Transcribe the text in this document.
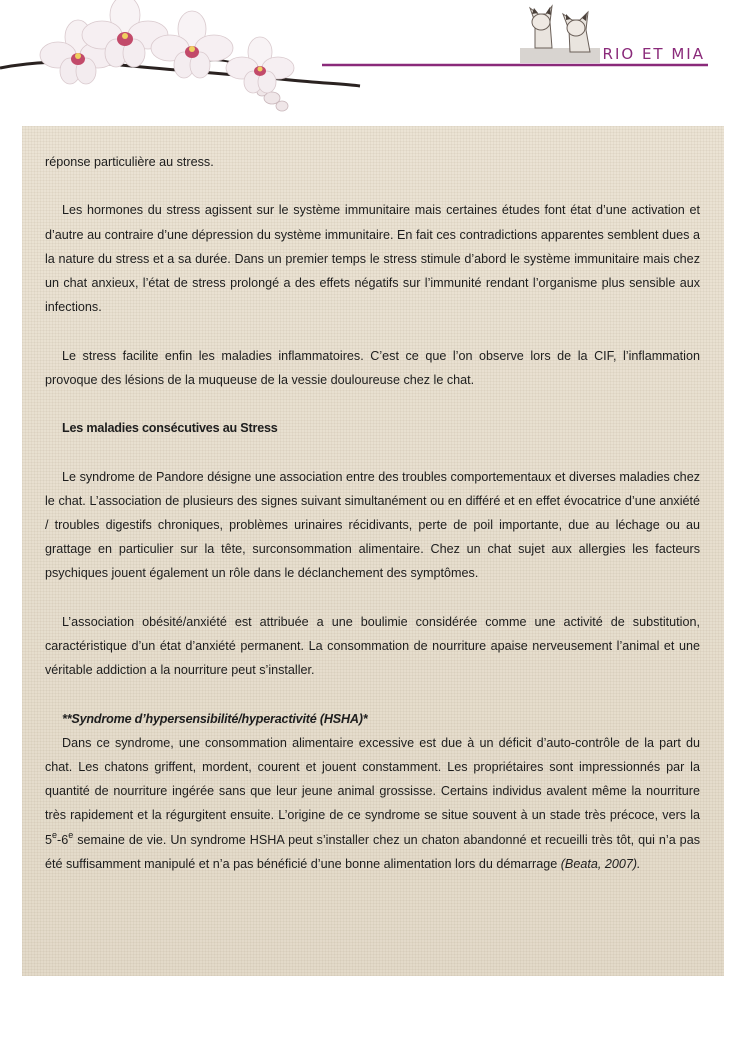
RIO ET MIA

réponse particulière au stress.

Les hormones du stress agissent sur le système immunitaire mais certaines études font état d’une activation et d’autre au contraire d’une dépression du système immunitaire. En fait ces contradictions apparentes semblent dues a la nature du stress et a sa durée. Dans un premier temps le stress stimule d’abord le système immunitaire mais chez un chat anxieux, l’état de stress prolongé a des effets négatifs sur l’immunité rendant l’organisme plus sensible aux infections.

Le stress facilite enfin les maladies inflammatoires. C’est ce que l’on observe lors de la CIF, l’inflammation provoque des lésions de la muqueuse de la vessie douloureuse chez le chat.

Les maladies consécutives au Stress

Le syndrome de Pandore désigne une association entre des troubles comportementaux et diverses maladies chez le chat. L’association de plusieurs des signes suivant simultanément ou en différé et en effet évocatrice d’une anxiété / troubles digestifs chroniques, problèmes urinaires récidivants, perte de poil importante, due au léchage ou au grattage en particulier sur la tête, surconsommation alimentaire. Chez un chat sujet aux allergies les facteurs psychiques jouent également un rôle dans le déclanchement des symptômes.

L’association obésité/anxiété est attribuée a une boulimie considérée comme une activité de substitution, caractéristique d’un état d’anxiété permanent. La consommation de nourriture apaise nerveusement l’animal et une véritable addiction a la nourriture peut s’installer.

**Syndrome d’hypersensibilité/hyperactivité (HSHA)*

Dans ce syndrome, une consommation alimentaire excessive est due à un déficit d’auto-contrôle de la part du chat. Les chatons griffent, mordent, courent et jouent constamment. Les propriétaires sont impressionnés par la quantité de nourriture ingérée sans que leur jeune animal grossisse. Certains individus avalent même la nourriture très rapidement et la régurgitent ensuite. L’origine de ce syndrome se situe souvent à un stade très précoce, vers la 5e-6e semaine de vie. Un syndrome HSHA peut s’installer chez un chaton abandonné et recueilli très tôt, qui n’a pas été suffisamment manipulé et n’a pas bénéficié d’une bonne alimentation lors du démarrage (Beata, 2007).
